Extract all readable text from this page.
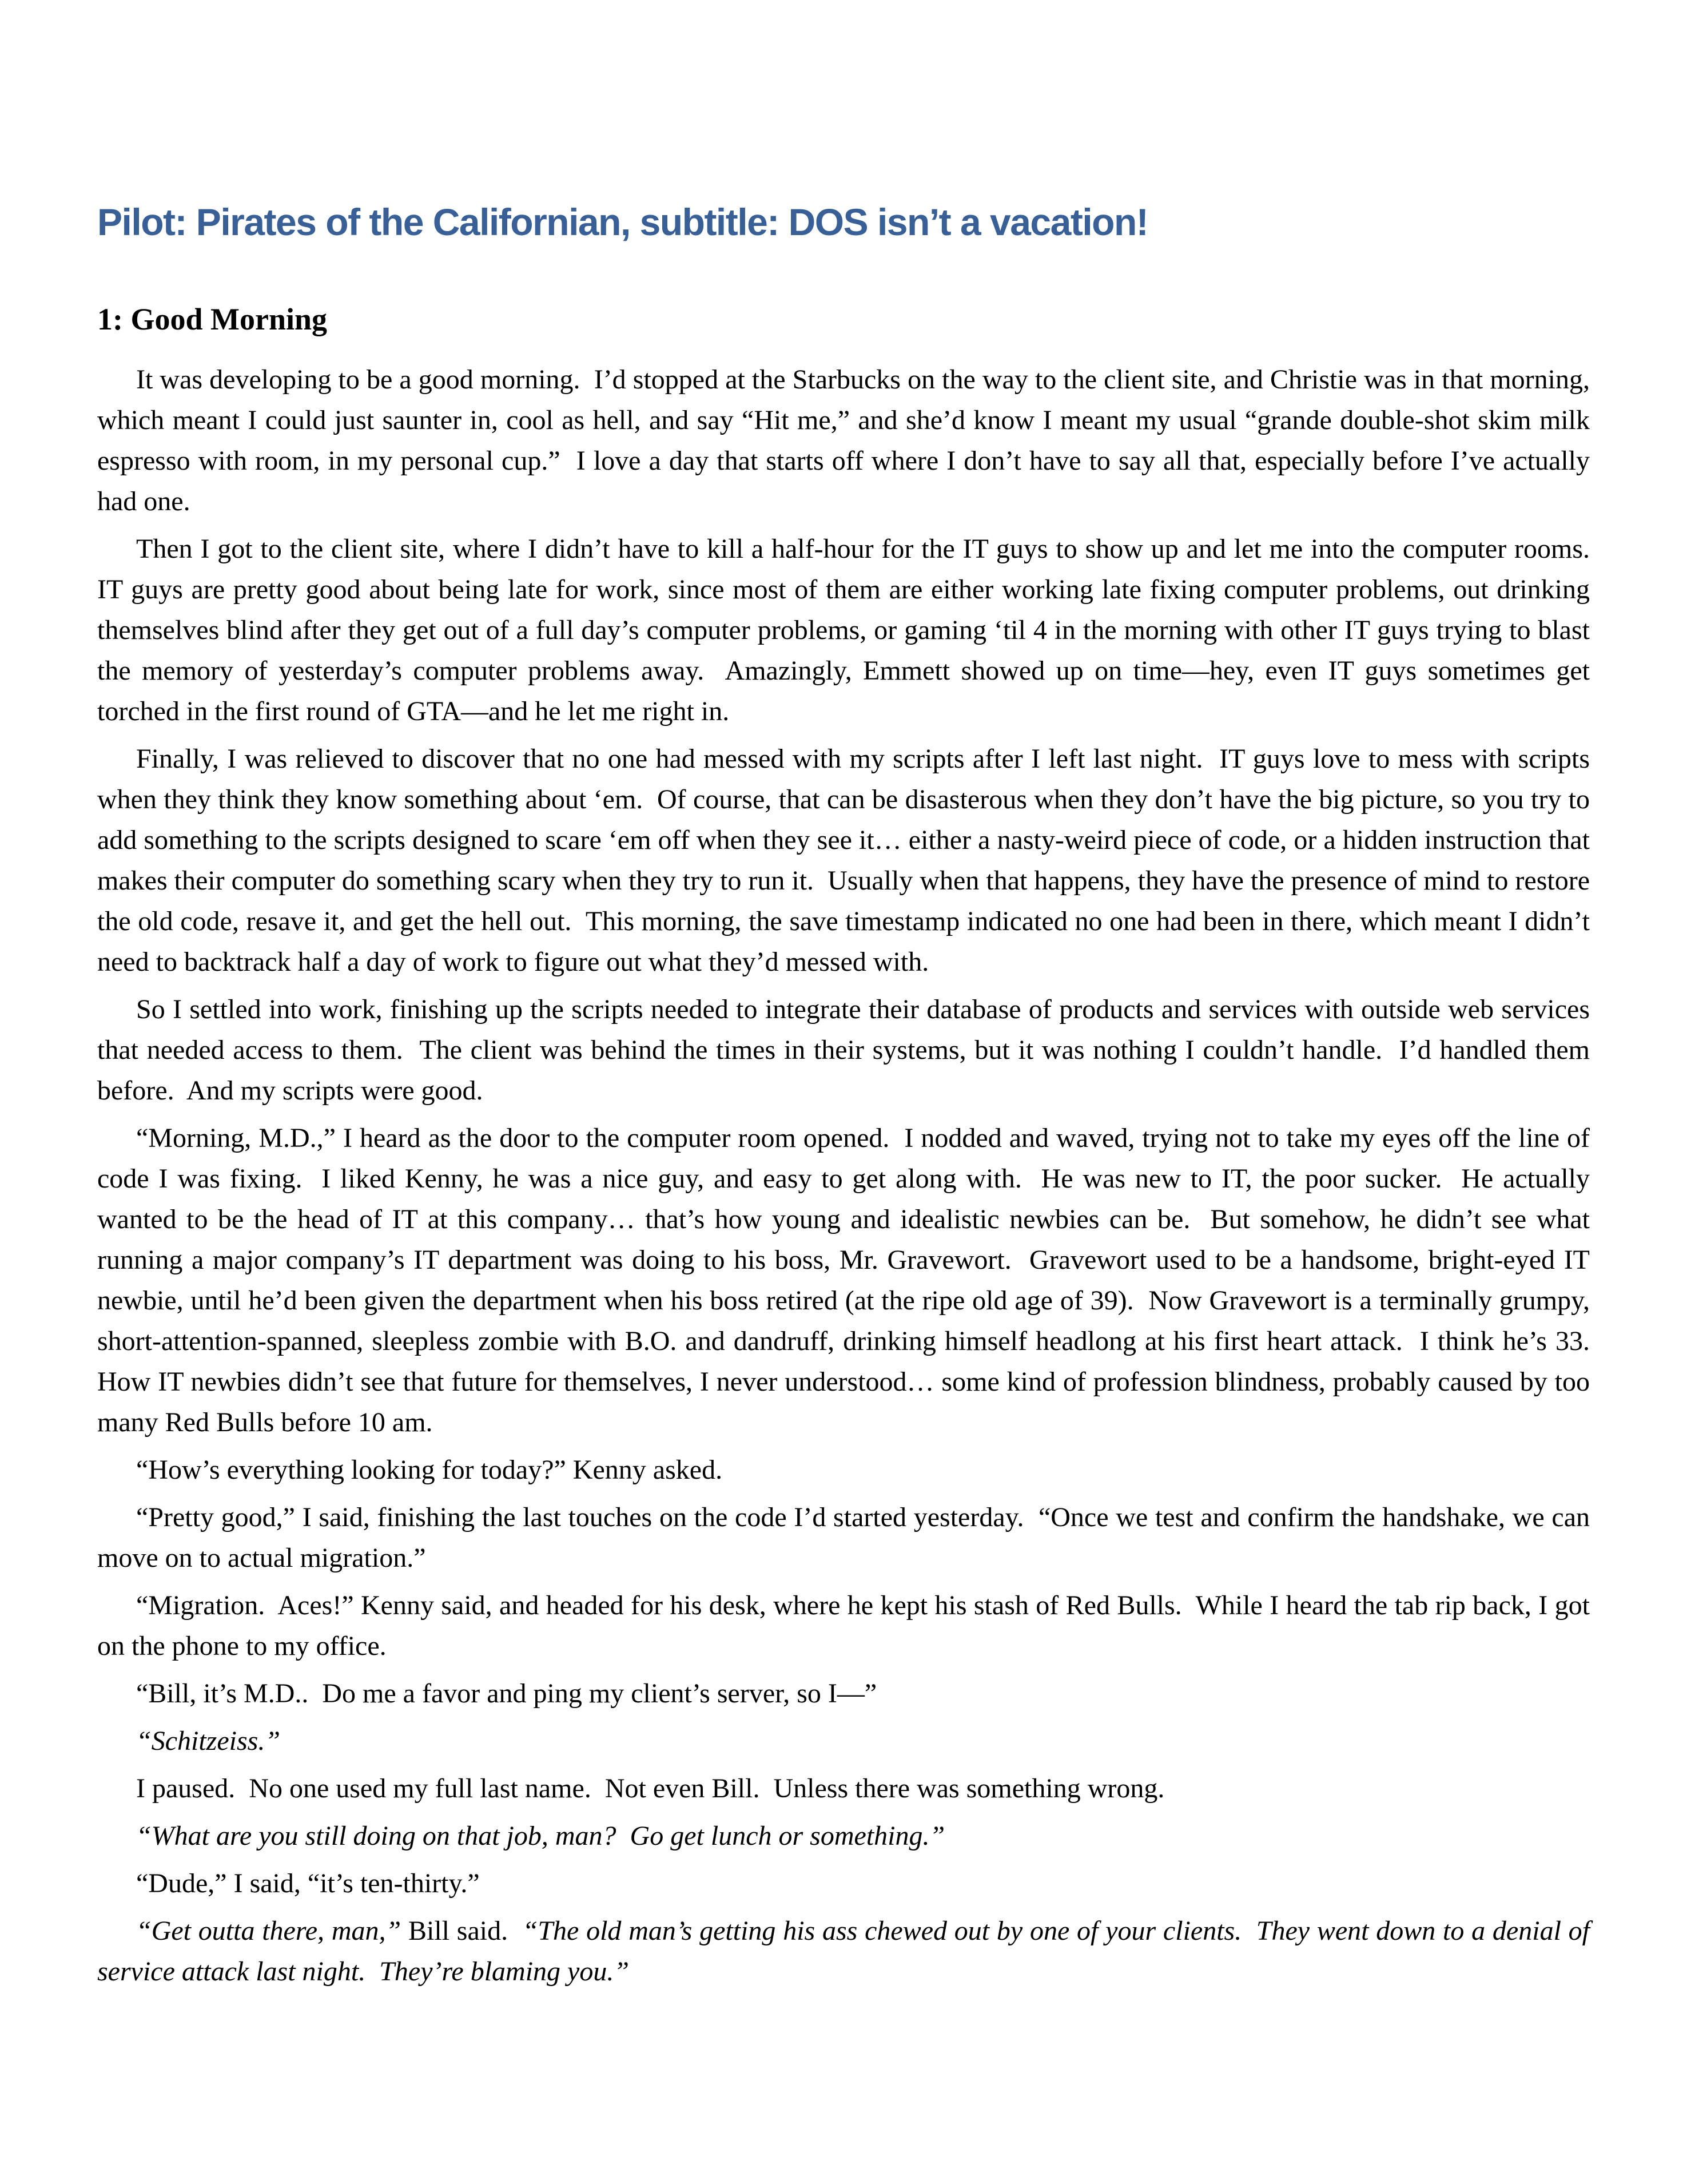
Pilot: Pirates of the Californian, subtitle: DOS isn’t a vacation!
1: Good Morning

It was developing to be a good morning.  I’d stopped at the Starbucks on the way to the client site, and Christie was in that morning, which meant I could just saunter in, cool as hell, and say “Hit me,” and she’d know I meant my usual “grande double-shot skim milk espresso with room, in my personal cup.”  I love a day that starts off where I don’t have to say all that, especially before I’ve actually had one.

Then I got to the client site, where I didn’t have to kill a half-hour for the IT guys to show up and let me into the computer rooms.  IT guys are pretty good about being late for work, since most of them are either working late fixing computer problems, out drinking themselves blind after they get out of a full day’s computer problems, or gaming ‘til 4 in the morning with other IT guys trying to blast the memory of yesterday’s computer problems away.  Amazingly, Emmett showed up on time—hey, even IT guys sometimes get torched in the first round of GTA—and he let me right in.

Finally, I was relieved to discover that no one had messed with my scripts after I left last night.  IT guys love to mess with scripts when they think they know something about ‘em.  Of course, that can be disasterous when they don’t have the big picture, so you try to add something to the scripts designed to scare ‘em off when they see it… either a nasty-weird piece of code, or a hidden instruction that makes their computer do something scary when they try to run it.  Usually when that happens, they have the presence of mind to restore the old code, resave it, and get the hell out.  This morning, the save timestamp indicated no one had been in there, which meant I didn’t need to backtrack half a day of work to figure out what they’d messed with.

So I settled into work, finishing up the scripts needed to integrate their database of products and services with outside web services that needed access to them.  The client was behind the times in their systems, but it was nothing I couldn’t handle.  I’d handled them before.  And my scripts were good.

“Morning, M.D.,” I heard as the door to the computer room opened.  I nodded and waved, trying not to take my eyes off the line of code I was fixing.  I liked Kenny, he was a nice guy, and easy to get along with.  He was new to IT, the poor sucker.  He actually wanted to be the head of IT at this company… that’s how young and idealistic newbies can be.  But somehow, he didn’t see what running a major company’s IT department was doing to his boss, Mr. Gravewort.  Gravewort used to be a handsome, bright-eyed IT newbie, until he’d been given the department when his boss retired (at the ripe old age of 39).  Now Gravewort is a terminally grumpy, short-attention-spanned, sleepless zombie with B.O. and dandruff, drinking himself headlong at his first heart attack.  I think he’s 33.  How IT newbies didn’t see that future for themselves, I never understood… some kind of profession blindness, probably caused by too many Red Bulls before 10 am.

“How’s everything looking for today?” Kenny asked.

“Pretty good,” I said, finishing the last touches on the code I’d started yesterday.  “Once we test and confirm the handshake, we can move on to actual migration.”

“Migration.  Aces!” Kenny said, and headed for his desk, where he kept his stash of Red Bulls.  While I heard the tab rip back, I got on the phone to my office.

“Bill, it’s M.D..  Do me a favor and ping my client’s server, so I—”

“Schitzeiss.”

I paused.  No one used my full last name.  Not even Bill.  Unless there was something wrong.

“What are you still doing on that job, man?  Go get lunch or something.”

“Dude,” I said, “it’s ten-thirty.”

“Get outta there, man,” Bill said.  “The old man’s getting his ass chewed out by one of your clients.  They went down to a denial of service attack last night.  They’re blaming you.”
